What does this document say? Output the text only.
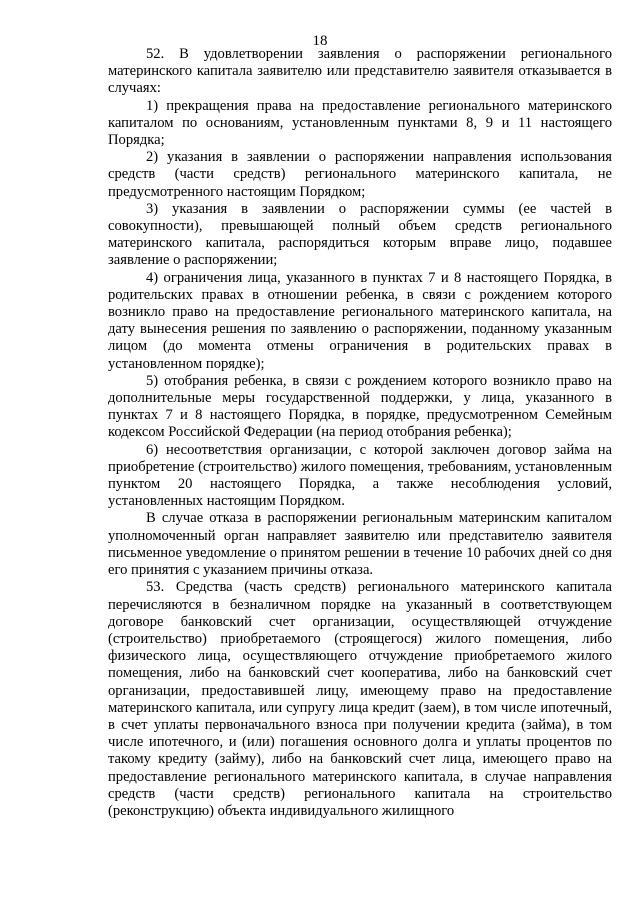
18

52. В удовлетворении заявления о распоряжении регионального материнского капитала заявителю или представителю заявителя отказывается в случаях:

1) прекращения права на предоставление регионального материнского капиталом по основаниям, установленным пунктами 8, 9 и 11 настоящего Порядка;

2) указания в заявлении о распоряжении направления использования средств (части средств) регионального материнского капитала, не предусмотренного настоящим Порядком;

3) указания в заявлении о распоряжении суммы (ее частей в совокупности), превышающей полный объем средств регионального материнского капитала, распорядиться которым вправе лицо, подавшее заявление о распоряжении;

4) ограничения лица, указанного в пунктах 7 и 8 настоящего Порядка, в родительских правах в отношении ребенка, в связи с рождением которого возникло право на предоставление регионального материнского капитала, на дату вынесения решения по заявлению о распоряжении, поданному указанным лицом (до момента отмены ограничения в родительских правах в установленном порядке);

5) отобрания ребенка, в связи с рождением которого возникло право на дополнительные меры государственной поддержки, у лица, указанного в пунктах 7 и 8 настоящего Порядка, в порядке, предусмотренном Семейным кодексом Российской Федерации (на период отобрания ребенка);

6) несоответствия организации, с которой заключен договор займа на приобретение (строительство) жилого помещения, требованиям, установленным пунктом 20 настоящего Порядка, а также несоблюдения условий, установленных настоящим Порядком.

В случае отказа в распоряжении региональным материнским капиталом уполномоченный орган направляет заявителю или представителю заявителя письменное уведомление о принятом решении в течение 10 рабочих дней со дня его принятия с указанием причины отказа.

53. Средства (часть средств) регионального материнского капитала перечисляются в безналичном порядке на указанный в соответствующем договоре банковский счет организации, осуществляющей отчуждение (строительство) приобретаемого (строящегося) жилого помещения, либо физического лица, осуществляющего отчуждение приобретаемого жилого помещения, либо на банковский счет кооператива, либо на банковский счет организации, предоставившей лицу, имеющему право на предоставление материнского капитала, или супругу лица кредит (заем), в том числе ипотечный, в счет уплаты первоначального взноса при получении кредита (займа), в том числе ипотечного, и (или) погашения основного долга и уплаты процентов по такому кредиту (займу), либо на банковский счет лица, имеющего право на предоставление регионального материнского капитала, в случае направления средств (части средств) регионального капитала на строительство (реконструкцию) объекта индивидуального жилищного
